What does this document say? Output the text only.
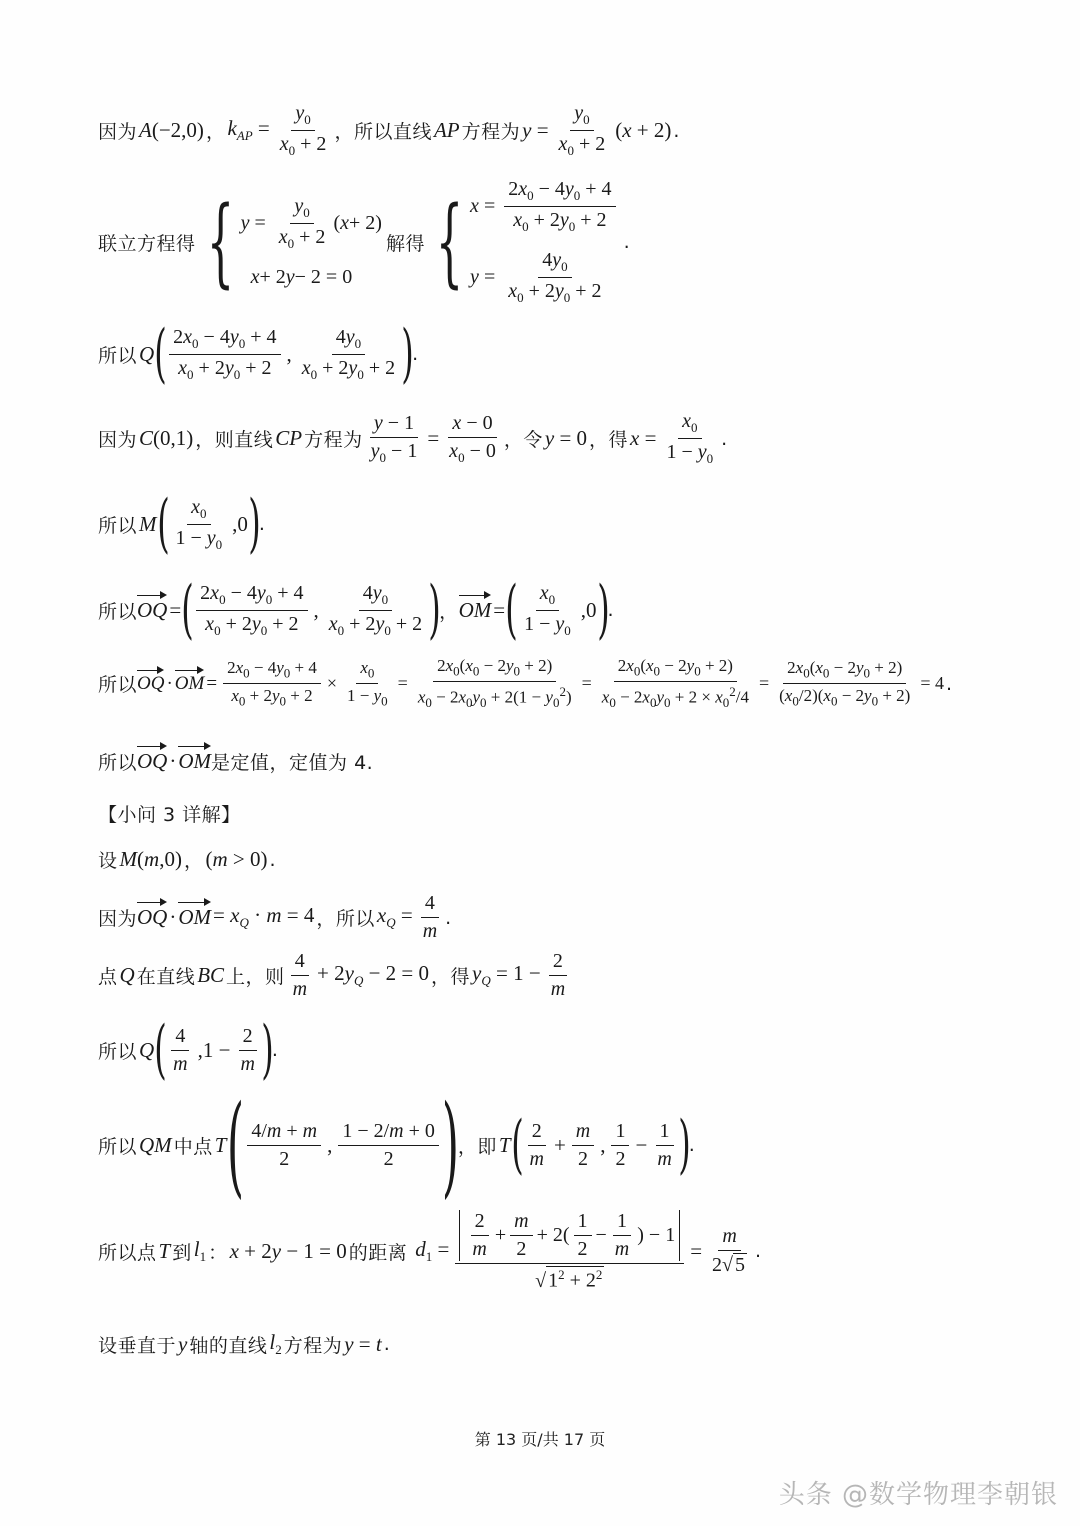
因为 A(−2,0) ， $k_{AP} = \frac{y_0}{x_0 + 2}$ ，所以直线 AP 方程为 $y = \frac{y_0}{x_0 + 2} (x + 2)$ .
联立方程得 { $y = \frac{y_0}{x_0 + 2}$ ( x + 2)

x + 2 y − 2 = 0
解得 { $x = \frac{2x_0 - 4y_0 + 4}{x_0 + 2y_0 + 2}$
$y = \frac{4y_0}{x_0 + 2y_0 + 2}$
.
所以 Q ( $\frac{2x_0 - 4y_0 + 4}{x_0 + 2y_0 + 2}$ , $\frac{4y_0}{x_0 + 2y_0 + 2}$ )
.
因为 C(0,1) ，则直线 CP 方程为 $\frac{y - 1}{y_0 - 1} = \frac{x - 0}{x_0 - 0}$ ，令 y = 0 ，得 $x = \frac{x_0}{1 - y_0}$ .
所以 M ( $\frac{x_0}{1 - y_0} ,0$ )
.
所以 OQ = ( $\frac{2x_0 - 4y_0 + 4}{x_0 + 2y_0 + 2}$ , $\frac{4y_0}{x_0 + 2y_0 + 2}$ )
， OM = ( $\frac{x_0}{1 - y_0} ,0$ )
.
所以 OQ · OM = $\frac{2x_0 - 4y_0 + 4}{x_0 + 2y_0 + 2} \times \frac{x_0}{1 - y_0} = \frac{2x_0(x_0 - 2y_0 + 2)}{x_0 - 2x_0y_0 + 2(1 - y_0^2)} = \frac{2x_0(x_0 - 2y_0 + 2)}{x_0 - 2x_0y_0 + 2 \times x_0^2/4} = \frac{2x_0(x_0 - 2y_0 + 2)}{(x_0/2)(x_0 - 2y_0 + 2)} = 4$ .
所以 OQ · OM 是定值，定值为 4.
【小问 3 详解】
设 M(m,0) ， (m > 0) .
因为 OQ · OM = $x_Q \cdot m = 4$ ，所以 $x_Q = \frac{4}{m}$ .
点 Q 在直线 BC 上，则 $\frac{4}{m} + 2y_Q - 2 = 0$ ，得 $y_Q = 1 - \frac{2}{m}$
所以 Q ( $\frac{4}{m} ,1 - \frac{2}{m}$ )
.
所以 QM 中点 T ( $\frac{4/m + m}{2}$ , $\frac{1 - 2/m + 0}{2}$ )
，即 T ( $\frac{2}{m} + \frac{m}{2}$ , $\frac{1}{2} - \frac{1}{m}$ )
.
所以点 T 到 $l_1$ ： x + 2y − 1 = 0 的距离 $d_1 = \frac{\frac{2}{m} + \frac{m}{2} + 2( \frac{1}{2} - \frac{1}{m} ) - 1}{√ 1^2 + 2^2} = \frac{m}{2√ 5}$ .
设垂直于 y 轴的直线 $l_2$ 方程为 y = t .
第 13 页/共 17 页
头条 @数学物理李朝银
